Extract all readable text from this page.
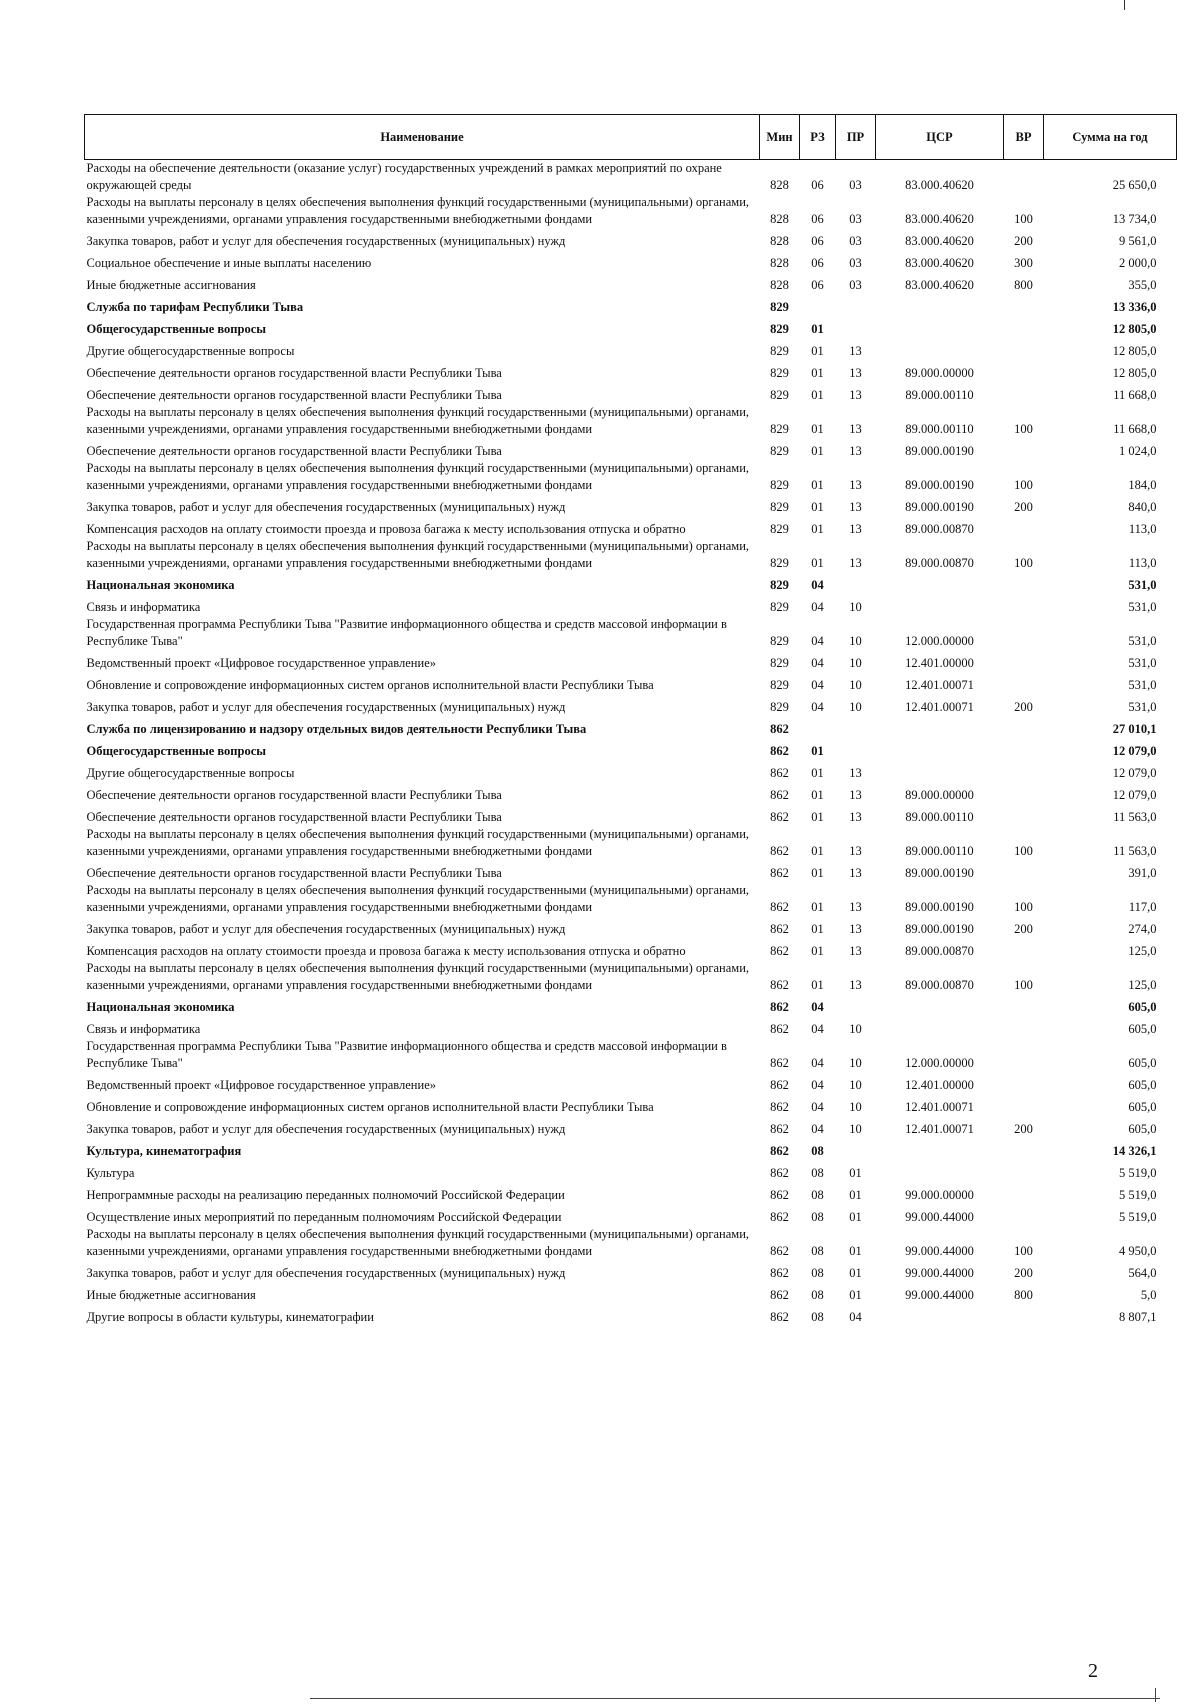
Наименование	Мин	РЗ	ПР	ЦСР	ВР	Сумма на год
Расходы на обеспечение деятельности (оказание услуг) государственных учреждений в рамках мероприятий по охране окружающей среды	828	06	03	83.000.40620		25 650,0
Расходы на выплаты персоналу в целях обеспечения выполнения функций государственными (муниципальными) органами, казенными учреждениями, органами управления государственными внебюджетными фондами	828	06	03	83.000.40620	100	13 734,0
Закупка товаров, работ и услуг для обеспечения государственных (муниципальных) нужд	828	06	03	83.000.40620	200	9 561,0
Социальное обеспечение и иные выплаты населению	828	06	03	83.000.40620	300	2 000,0
Иные бюджетные ассигнования	828	06	03	83.000.40620	800	355,0
Служба по тарифам Республики Тыва	829					13 336,0
Общегосударственные вопросы	829	01				12 805,0
Другие общегосударственные вопросы	829	01	13			12 805,0
Обеспечение деятельности органов государственной власти Республики Тыва	829	01	13	89.000.00000		12 805,0
Обеспечение деятельности органов государственной власти Республики Тыва	829	01	13	89.000.00110		11 668,0
Расходы на выплаты персоналу в целях обеспечения выполнения функций государственными (муниципальными) органами, казенными учреждениями, органами управления государственными внебюджетными фондами	829	01	13	89.000.00110	100	11 668,0
Обеспечение деятельности органов государственной власти Республики Тыва	829	01	13	89.000.00190		1 024,0
Расходы на выплаты персоналу в целях обеспечения выполнения функций государственными (муниципальными) органами, казенными учреждениями, органами управления государственными внебюджетными фондами	829	01	13	89.000.00190	100	184,0
Закупка товаров, работ и услуг для обеспечения государственных (муниципальных) нужд	829	01	13	89.000.00190	200	840,0
Компенсация расходов на оплату стоимости проезда и провоза багажа к месту использования отпуска и обратно	829	01	13	89.000.00870		113,0
Расходы на выплаты персоналу в целях обеспечения выполнения функций государственными (муниципальными) органами, казенными учреждениями, органами управления государственными внебюджетными фондами	829	01	13	89.000.00870	100	113,0
Национальная экономика	829	04				531,0
Связь и информатика	829	04	10			531,0
Государственная программа Республики Тыва "Развитие информационного общества и средств массовой информации в Республике Тыва"	829	04	10	12.000.00000		531,0
Ведомственный проект «Цифровое государственное управление»	829	04	10	12.401.00000		531,0
Обновление и сопровождение информационных систем органов исполнительной власти Республики Тыва	829	04	10	12.401.00071		531,0
Закупка товаров, работ и услуг для обеспечения государственных (муниципальных) нужд	829	04	10	12.401.00071	200	531,0
Служба по лицензированию и надзору отдельных видов деятельности Республики Тыва	862					27 010,1
Общегосударственные вопросы	862	01				12 079,0
Другие общегосударственные вопросы	862	01	13			12 079,0
Обеспечение деятельности органов государственной власти Республики Тыва	862	01	13	89.000.00000		12 079,0
Обеспечение деятельности органов государственной власти Республики Тыва	862	01	13	89.000.00110		11 563,0
Расходы на выплаты персоналу в целях обеспечения выполнения функций государственными (муниципальными) органами, казенными учреждениями, органами управления государственными внебюджетными фондами	862	01	13	89.000.00110	100	11 563,0
Обеспечение деятельности органов государственной власти Республики Тыва	862	01	13	89.000.00190		391,0
Расходы на выплаты персоналу в целях обеспечения выполнения функций государственными (муниципальными) органами, казенными учреждениями, органами управления государственными внебюджетными фондами	862	01	13	89.000.00190	100	117,0
Закупка товаров, работ и услуг для обеспечения государственных (муниципальных) нужд	862	01	13	89.000.00190	200	274,0
Компенсация расходов на оплату стоимости проезда и провоза багажа к месту использования отпуска и обратно	862	01	13	89.000.00870		125,0
Расходы на выплаты персоналу в целях обеспечения выполнения функций государственными (муниципальными) органами, казенными учреждениями, органами управления государственными внебюджетными фондами	862	01	13	89.000.00870	100	125,0
Национальная экономика	862	04				605,0
Связь и информатика	862	04	10			605,0
Государственная программа Республики Тыва "Развитие информационного общества и средств массовой информации в Республике Тыва"	862	04	10	12.000.00000		605,0
Ведомственный проект «Цифровое государственное управление»	862	04	10	12.401.00000		605,0
Обновление и сопровождение информационных систем органов исполнительной власти Республики Тыва	862	04	10	12.401.00071		605,0
Закупка товаров, работ и услуг для обеспечения государственных (муниципальных) нужд	862	04	10	12.401.00071	200	605,0
Культура, кинематография	862	08				14 326,1
Культура	862	08	01			5 519,0
Непрограммные расходы на реализацию переданных полномочий Российской Федерации	862	08	01	99.000.00000		5 519,0
Осуществление иных мероприятий по переданным полномочиям Российской Федерации	862	08	01	99.000.44000		5 519,0
Расходы на выплаты персоналу в целях обеспечения выполнения функций государственными (муниципальными) органами, казенными учреждениями, органами управления государственными внебюджетными фондами	862	08	01	99.000.44000	100	4 950,0
Закупка товаров, работ и услуг для обеспечения государственных (муниципальных) нужд	862	08	01	99.000.44000	200	564,0
Иные бюджетные ассигнования	862	08	01	99.000.44000	800	5,0
Другие вопросы в области культуры, кинематографии	862	08	04			8 807,1
2
